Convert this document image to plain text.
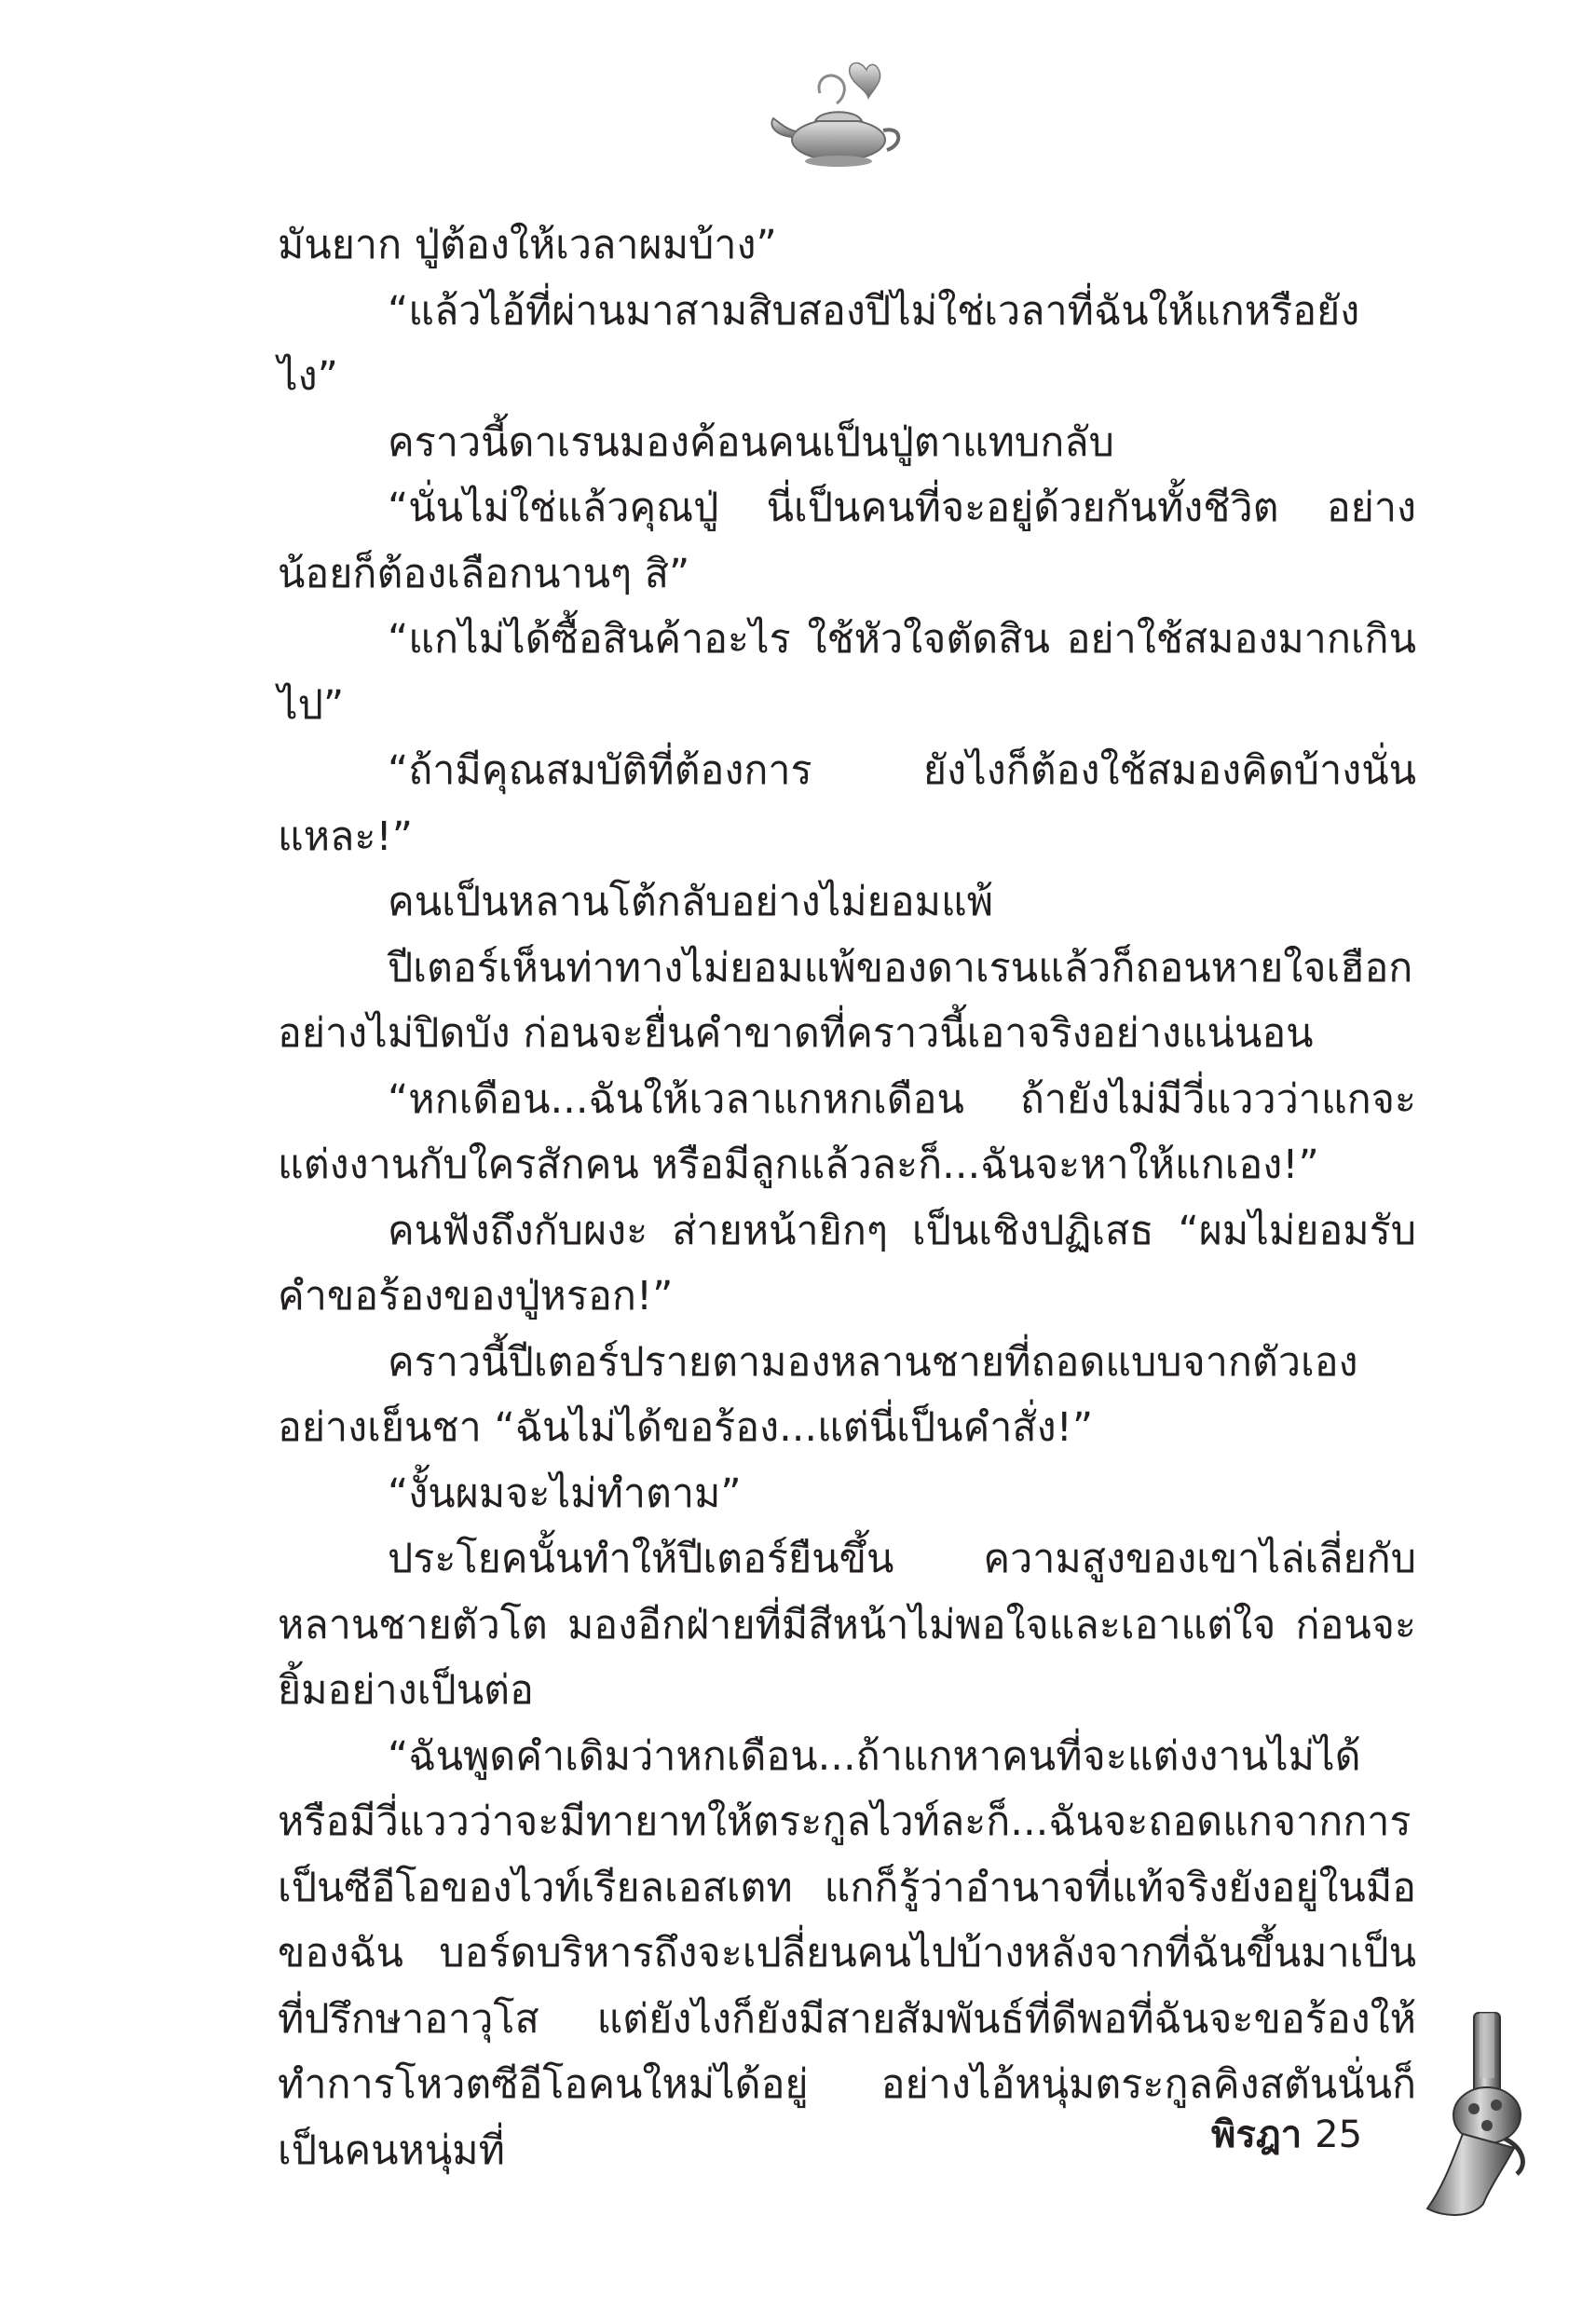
มันยาก ปู่ต้องให้เวลาผมบ้าง”

“แล้วไอ้ที่ผ่านมาสามสิบสองปีไม่ใช่เวลาที่ฉันให้แกหรือยังไง”

คราวนี้ดาเรนมองค้อนคนเป็นปู่ตาแทบกลับ

“นั่นไม่ใช่แล้วคุณปู่ นี่เป็นคนที่จะอยู่ด้วยกันทั้งชีวิต อย่างน้อยก็ต้องเลือกนานๆ สิ”

“แกไม่ได้ซื้อสินค้าอะไร ใช้หัวใจตัดสิน อย่าใช้สมองมากเกินไป”

“ถ้ามีคุณสมบัติที่ต้องการ ยังไงก็ต้องใช้สมองคิดบ้างนั่นแหละ!”

คนเป็นหลานโต้กลับอย่างไม่ยอมแพ้

ปีเตอร์เห็นท่าทางไม่ยอมแพ้ของดาเรนแล้วก็ถอนหายใจเฮือกอย่างไม่ปิดบัง ก่อนจะยื่นคำขาดที่คราวนี้เอาจริงอย่างแน่นอน

“หกเดือน...ฉันให้เวลาแกหกเดือน ถ้ายังไม่มีวี่แววว่าแกจะแต่งงานกับใครสักคน หรือมีลูกแล้วละก็...ฉันจะหาให้แกเอง!”

คนฟังถึงกับผงะ ส่ายหน้ายิกๆ เป็นเชิงปฏิเสธ “ผมไม่ยอมรับคำขอร้องของปู่หรอก!”

คราวนี้ปีเตอร์ปรายตามองหลานชายที่ถอดแบบจากตัวเองอย่างเย็นชา “ฉันไม่ได้ขอร้อง...แต่นี่เป็นคำสั่ง!”

“งั้นผมจะไม่ทำตาม”

ประโยคนั้นทำให้ปีเตอร์ยืนขึ้น ความสูงของเขาไล่เลี่ยกับหลานชายตัวโต มองอีกฝ่ายที่มีสีหน้าไม่พอใจและเอาแต่ใจ ก่อนจะยิ้มอย่างเป็นต่อ

“ฉันพูดคำเดิมว่าหกเดือน...ถ้าแกหาคนที่จะแต่งงานไม่ได้หรือมีวี่แววว่าจะมีทายาทให้ตระกูลไวท์ละก็...ฉันจะถอดแกจากการเป็นซีอีโอของไวท์เรียลเอสเตท แกก็รู้ว่าอำนาจที่แท้จริงยังอยู่ในมือของฉัน บอร์ดบริหารถึงจะเปลี่ยนคนไปบ้างหลังจากที่ฉันขึ้นมาเป็นที่ปรึกษาอาวุโส แต่ยังไงก็ยังมีสายสัมพันธ์ที่ดีพอที่ฉันจะขอร้องให้ทำการโหวตซีอีโอคนใหม่ได้อยู่ อย่างไอ้หนุ่มตระกูลคิงสตันนั่นก็เป็นคนหนุ่มที่	พิรฎา 25
